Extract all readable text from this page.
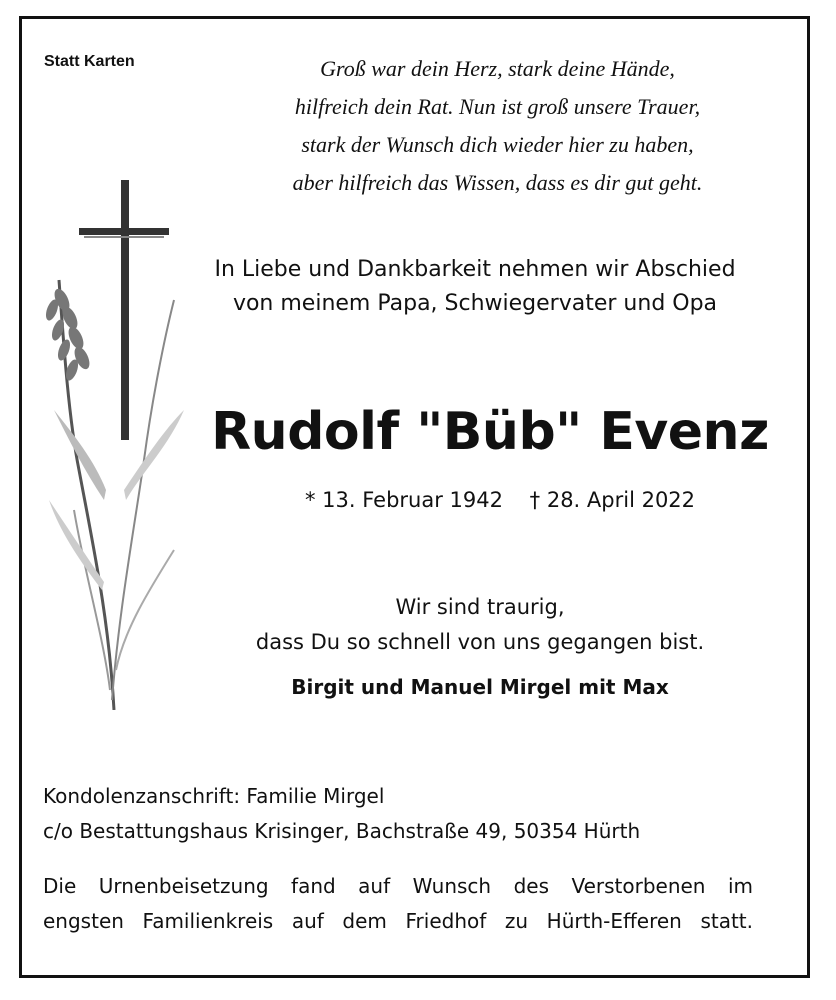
Statt Karten	Groß war dein Herz, stark deine Hände,
hilfreich dein Rat. Nun ist groß unsere Trauer,
stark der Wunsch dich wieder hier zu haben,
aber hilfreich das Wissen, dass es dir gut geht.
In Liebe und Dankbarkeit nehmen wir Abschied
von meinem Papa, Schwiegervater und Opa
Rudolf "Büb" Evenz
* 13. Februar 1942    † 28. April 2022
Wir sind traurig,
dass Du so schnell von uns gegangen bist.
Birgit und Manuel Mirgel mit Max
Kondolenzanschrift: Familie Mirgel
c/o Bestattungshaus Krisinger, Bachstraße 49, 50354 Hürth
Die Urnenbeisetzung fand auf Wunsch des Verstorbenen im
engsten Familienkreis auf dem Friedhof zu Hürth-Efferen statt.
